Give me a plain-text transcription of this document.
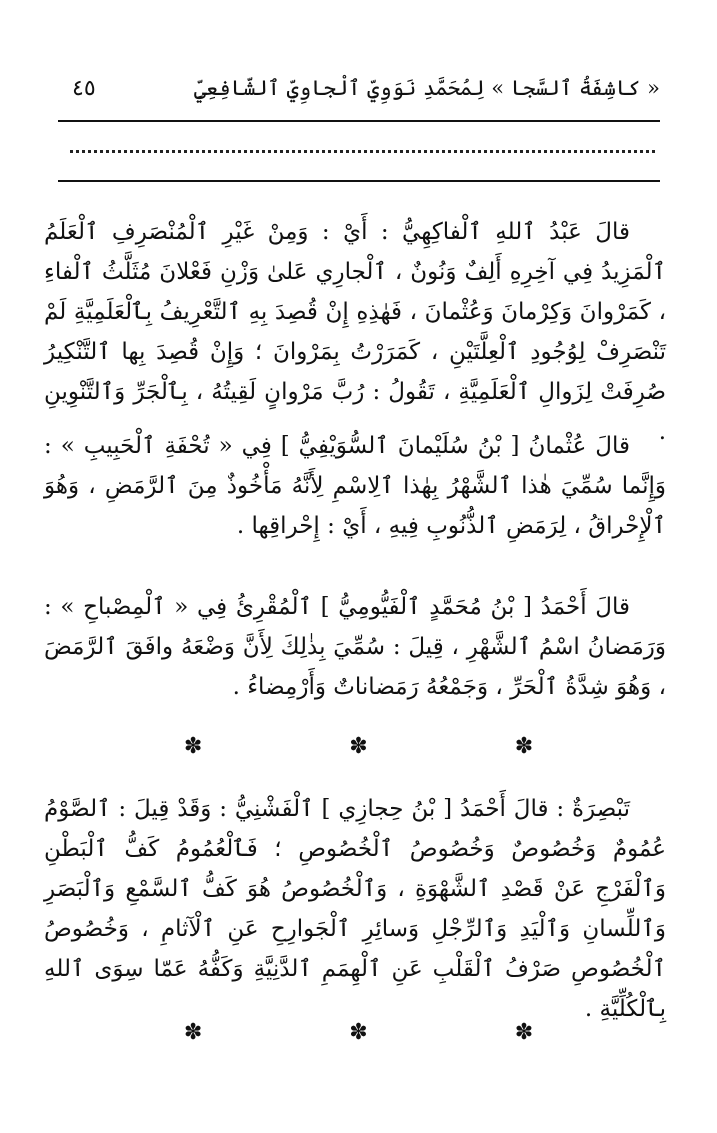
« كاشِفَةُ ٱلسَّجا » لِمُحَمَّدِ نَوَوِيِّ ٱلْجاوِيِّ ٱلشّافِعِيِّ
٤٥

قالَ عَبْدُ ٱللهِ ٱلْفاكِهِيُّ : أَيْ : وَمِنْ غَيْرِ ٱلْمُنْصَرِفِ ٱلْعَلَمُ ٱلْمَزِيدُ فِي آخِرِهِ أَلِفٌ وَنُونٌ ، ٱلْجارِي عَلىٰ وَزْنِ فَعْلانَ مُثَلَّثُ ٱلْفاءِ ، كَمَرْوانَ وَكِرْمانَ وَعُثْمانَ ، فَهٰذِهِ إِنْ قُصِدَ بِهِ ٱلتَّعْرِيفُ بِٱلْعَلَمِيَّةِ لَمْ تَنْصَرِفْ لِوُجُودِ ٱلْعِلَّتَيْنِ ، كَمَرَرْتُ بِمَرْوانَ ؛ وَإِنْ قُصِدَ بِها ٱلتَّنْكِيرُ صُرِفَتْ لِزَوالِ ٱلْعَلَمِيَّةِ ، تَقُولُ : رُبَّ مَرْوانٍ لَقِيتُهُ ، بِٱلْجَرِّ وَٱلتَّنْوِينِ .

قالَ عُثْمانُ [ بْنُ سُلَيْمانَ ٱلسُّوَيْفِيُّ ] فِي « تُحْفَةِ ٱلْحَبِيبِ » : وَإِنَّما سُمِّيَ هٰذا ٱلشَّهْرُ بِهٰذا ٱلِاسْمِ لِأَنَّهُ مَأْخُوذٌ مِنَ ٱلرَّمَضِ ، وَهُوَ ٱلْإِحْراقُ ، لِرَمَضِ ٱلذُّنُوبِ فِيهِ ، أَيْ : إِحْراقِها .

قالَ أَحْمَدُ [ بْنُ مُحَمَّدٍ ٱلْفَيُّومِيُّ ] ٱلْمُقْرِئُ فِي « ٱلْمِصْباحِ » : وَرَمَضانُ اسْمُ ٱلشَّهْرِ ، قِيلَ : سُمِّيَ بِذٰلِكَ لِأَنَّ وَضْعَهُ وافَقَ ٱلرَّمَضَ ، وَهُوَ شِدَّةُ ٱلْحَرِّ ، وَجَمْعُهُ رَمَضاناتٌ وَأَرْمِضاءُ .

✽ ✽ ✽

تَبْصِرَةٌ : قالَ أَحْمَدُ [ بْنُ حِجازِي ] ٱلْفَشْنِيُّ : وَقَدْ قِيلَ : ٱلصَّوْمُ عُمُومٌ وَخُصُوصٌ وَخُصُوصُ ٱلْخُصُوصِ ؛ فَٱلْعُمُومُ كَفُّ ٱلْبَطْنِ وَٱلْفَرْجِ عَنْ قَصْدِ ٱلشَّهْوَةِ ، وَٱلْخُصُوصُ هُوَ كَفُّ ٱلسَّمْعِ وَٱلْبَصَرِ وَٱللِّسانِ وَٱلْيَدِ وَٱلرِّجْلِ وَسائِرِ ٱلْجَوارِحِ عَنِ ٱلْآثامِ ، وَخُصُوصُ ٱلْخُصُوصِ صَرْفُ ٱلْقَلْبِ عَنِ ٱلْهِمَمِ ٱلدَّنِيَّةِ وَكَفُّهُ عَمّا سِوَى ٱللهِ بِٱلْكُلِّيَّةِ .

✽ ✽ ✽
